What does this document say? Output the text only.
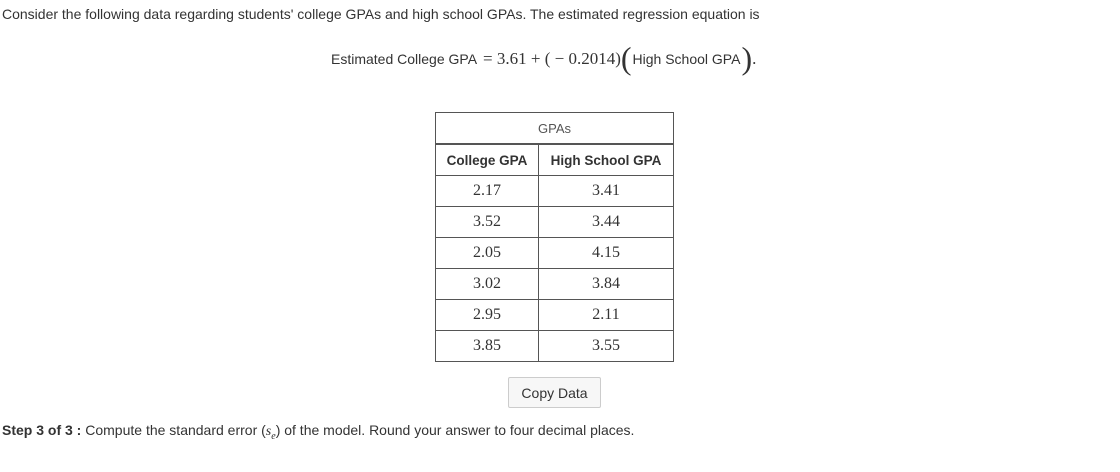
Consider the following data regarding students' college GPAs and high school GPAs. The estimated regression equation is
Estimated College GPA = 3.61 + ( − 0.2014) ( High School GPA ) .
GPAs	
College GPA	High School GPA
2.17	3.41
3.52	3.44
2.05	4.15
3.02	3.84
2.95	2.11
3.85	3.55
Copy Data
Step 3 of 3 : Compute the standard error $(s_e)$ of the model. Round your answer to four decimal places.
